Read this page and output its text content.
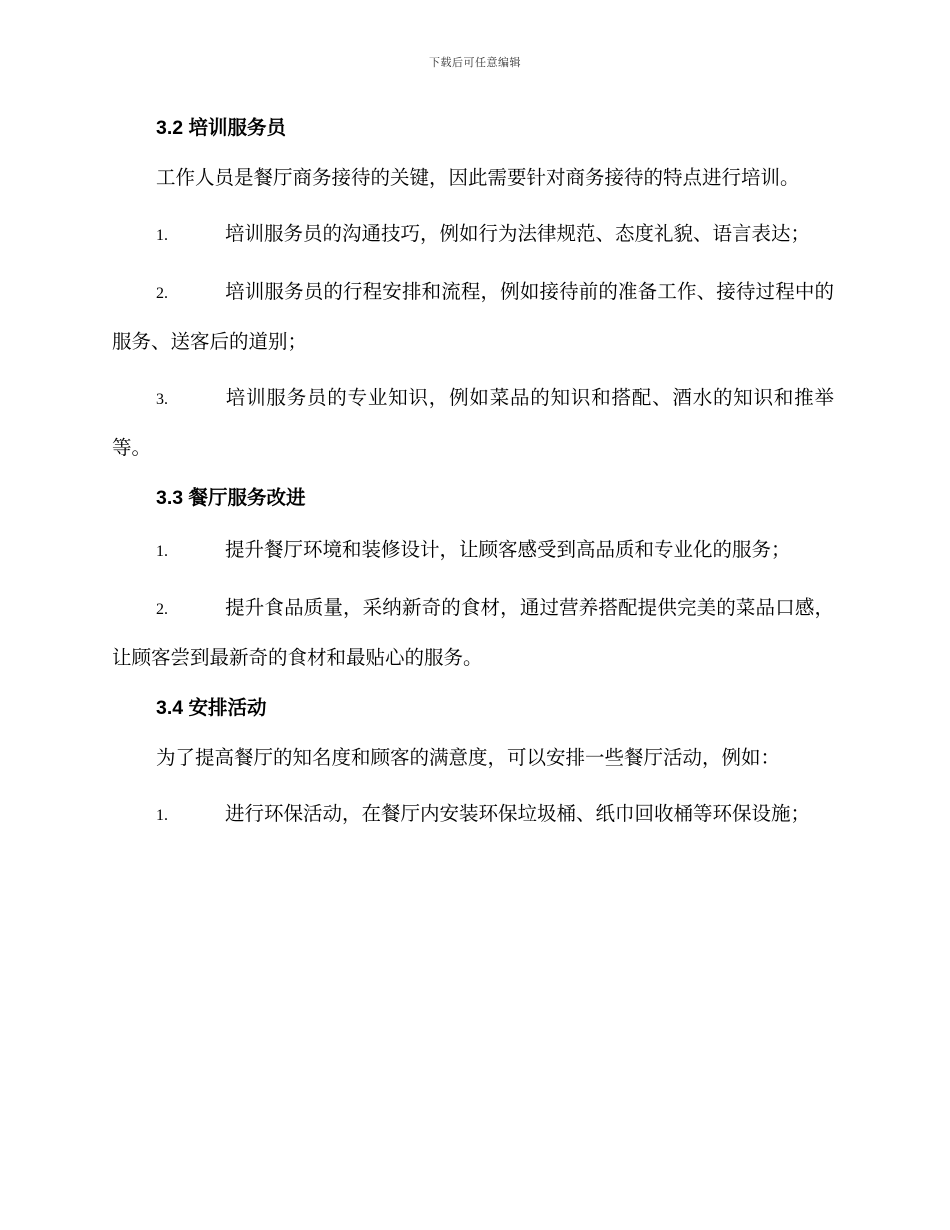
下载后可任意编辑
3.2 培训服务员

工作人员是餐厅商务接待的关键，因此需要针对商务接待的特点进行培训。

1.	培训服务员的沟通技巧，例如行为法律规范、态度礼貌、语言表达；

2.	培训服务员的行程安排和流程，例如接待前的准备工作、接待过程中的服务、送客后的道别；

3.	培训服务员的专业知识，例如菜品的知识和搭配、酒水的知识和推举等。

3.3 餐厅服务改进

1.	提升餐厅环境和装修设计，让顾客感受到高品质和专业化的服务；

2.	提升食品质量，采纳新奇的食材，通过营养搭配提供完美的菜品口感，让顾客尝到最新奇的食材和最贴心的服务。

3.4 安排活动

为了提高餐厅的知名度和顾客的满意度，可以安排一些餐厅活动，例如：

1.	进行环保活动，在餐厅内安装环保垃圾桶、纸巾回收桶等环保设施；
